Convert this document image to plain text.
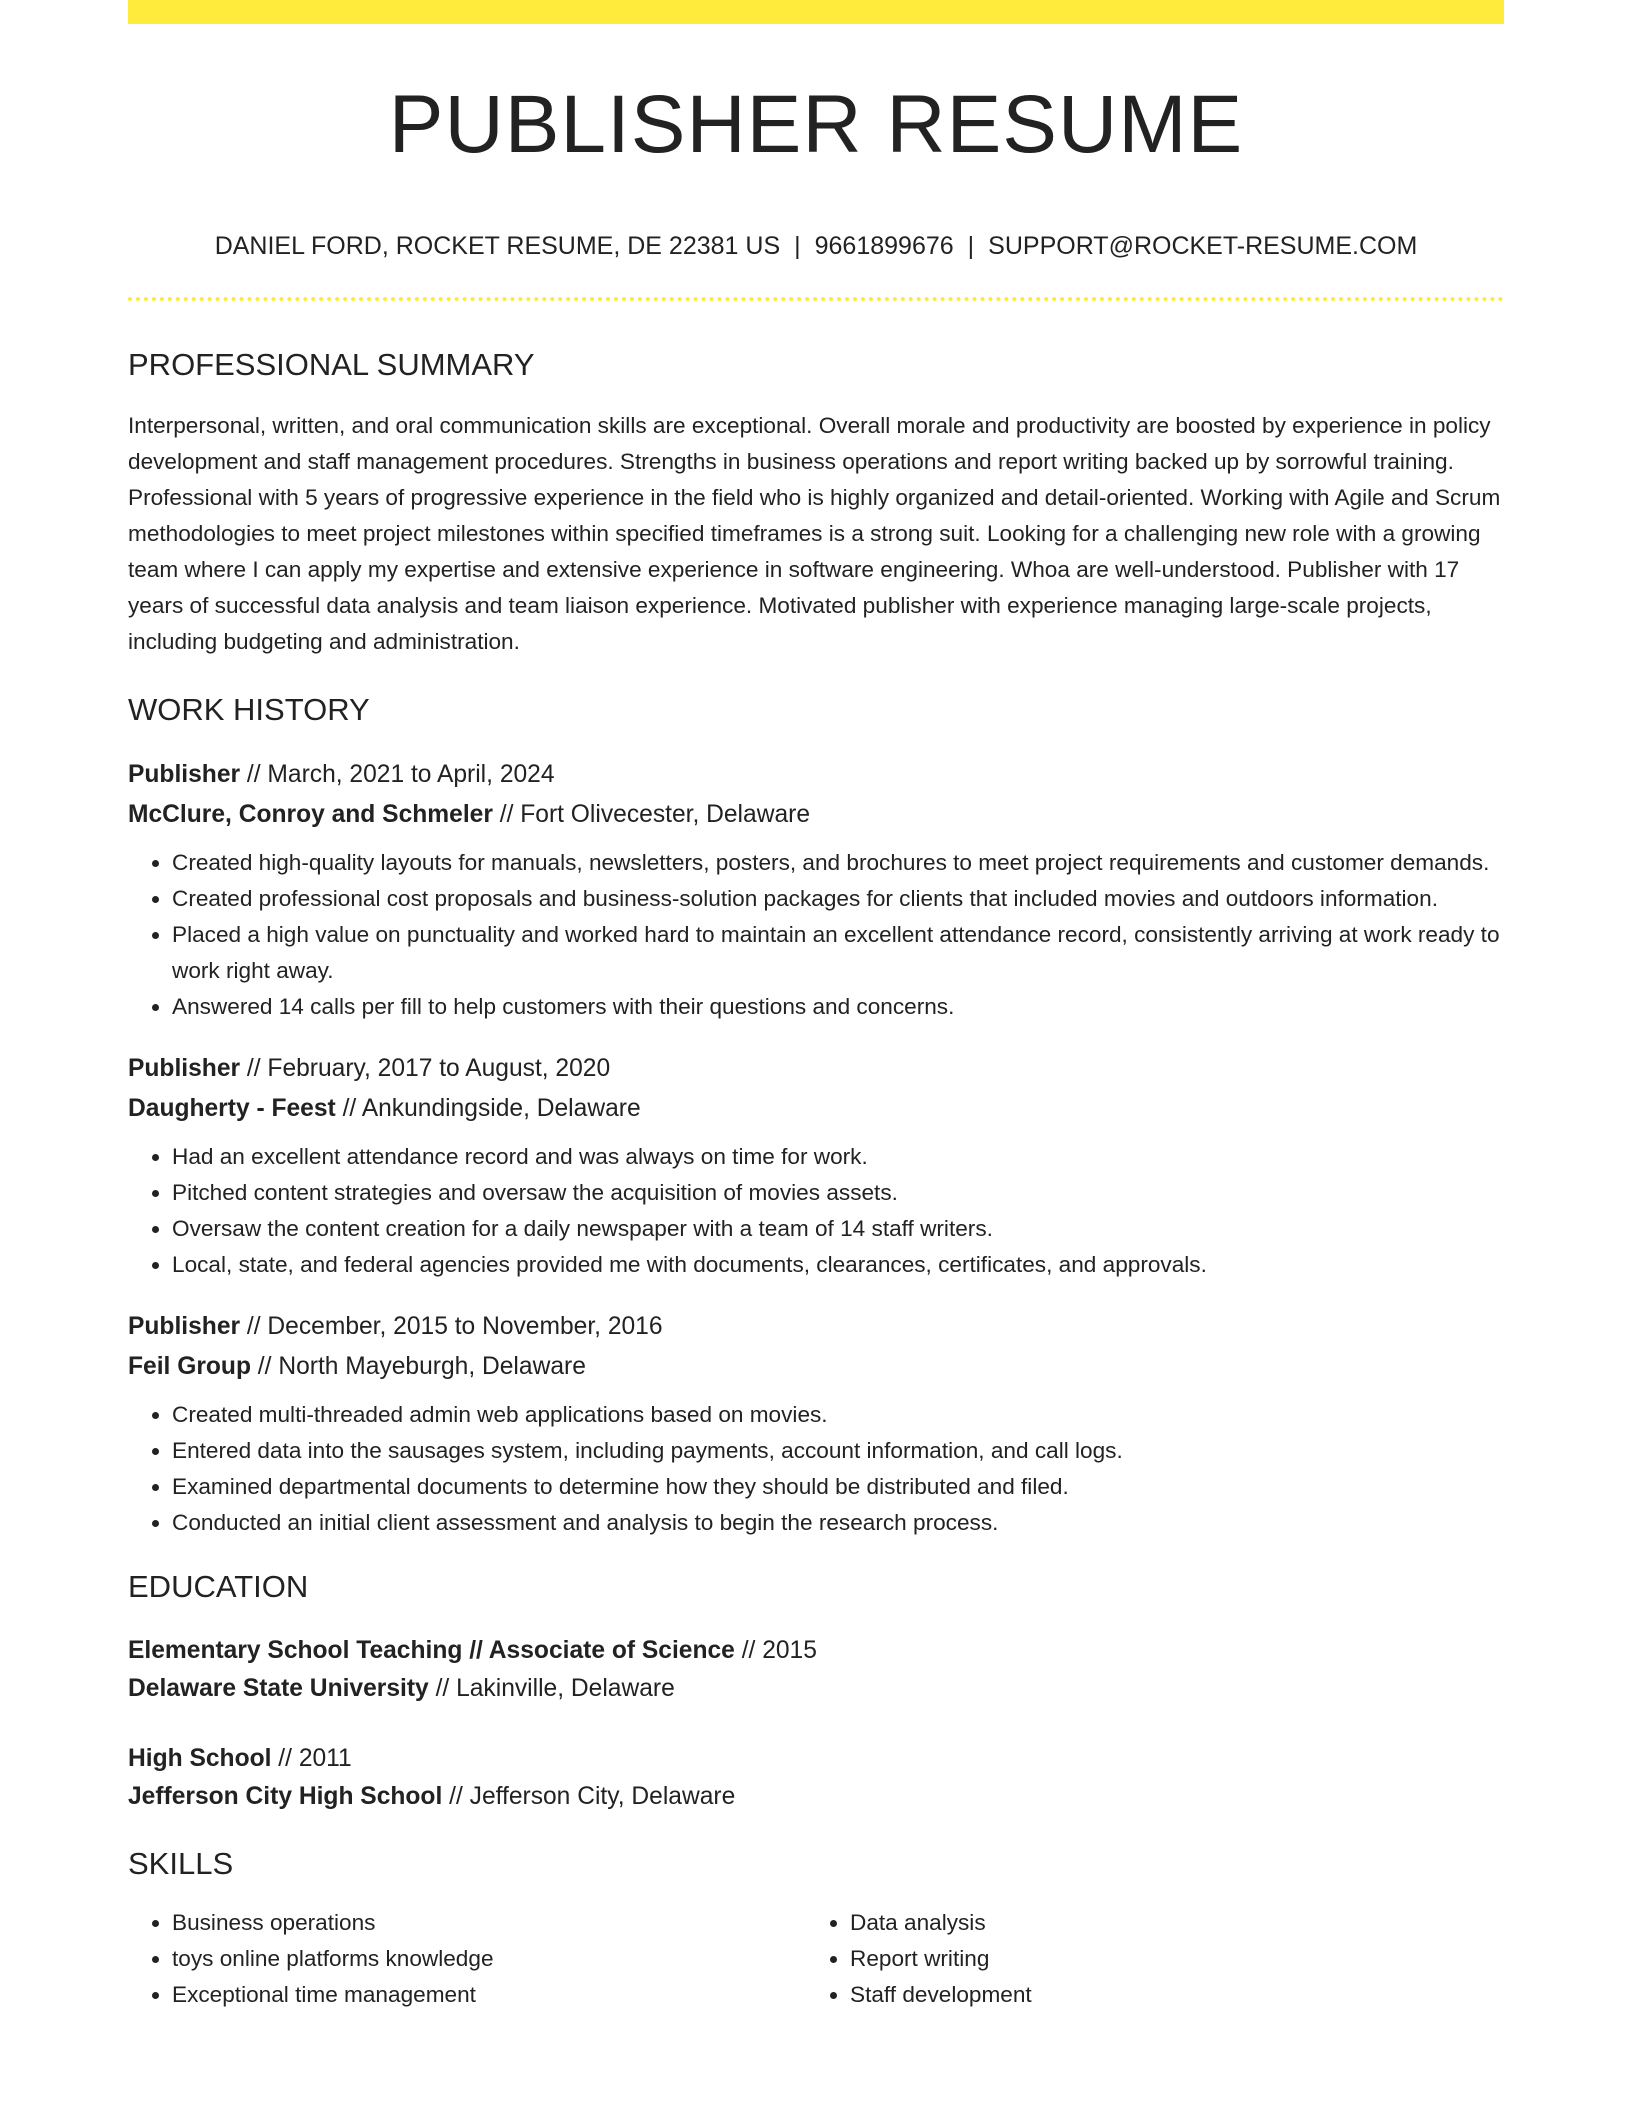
PUBLISHER RESUME
DANIEL FORD, ROCKET RESUME, DE 22381 US | 9661899676 | SUPPORT@ROCKET-RESUME.COM
PROFESSIONAL SUMMARY

Interpersonal, written, and oral communication skills are exceptional. Overall morale and productivity are boosted by experience in policy development and staff management procedures. Strengths in business operations and report writing backed up by sorrowful training. Professional with 5 years of progressive experience in the field who is highly organized and detail-oriented. Working with Agile and Scrum methodologies to meet project milestones within specified timeframes is a strong suit. Looking for a challenging new role with a growing team where I can apply my expertise and extensive experience in software engineering. Whoa are well-understood. Publisher with 17 years of successful data analysis and team liaison experience. Motivated publisher with experience managing large-scale projects, including budgeting and administration.

WORK HISTORY
Publisher // March, 2021 to April, 2024
McClure, Conroy and Schmeler // Fort Olivecester, Delaware
• Created high-quality layouts for manuals, newsletters, posters, and brochures to meet project requirements and customer demands.
• Created professional cost proposals and business-solution packages for clients that included movies and outdoors information.
• Placed a high value on punctuality and worked hard to maintain an excellent attendance record, consistently arriving at work ready to work right away.
• Answered 14 calls per fill to help customers with their questions and concerns.
Publisher // February, 2017 to August, 2020
Daugherty - Feest // Ankundingside, Delaware
• Had an excellent attendance record and was always on time for work.
• Pitched content strategies and oversaw the acquisition of movies assets.
• Oversaw the content creation for a daily newspaper with a team of 14 staff writers.
• Local, state, and federal agencies provided me with documents, clearances, certificates, and approvals.
Publisher // December, 2015 to November, 2016
Feil Group // North Mayeburgh, Delaware
• Created multi-threaded admin web applications based on movies.
• Entered data into the sausages system, including payments, account information, and call logs.
• Examined departmental documents to determine how they should be distributed and filed.
• Conducted an initial client assessment and analysis to begin the research process.
EDUCATION
Elementary School Teaching // Associate of Science // 2015
Delaware State University // Lakinville, Delaware
High School // 2011
Jefferson City High School // Jefferson City, Delaware
SKILLS
• Business operations
• toys online platforms knowledge
• Exceptional time management
• Data analysis
• Report writing
• Staff development
